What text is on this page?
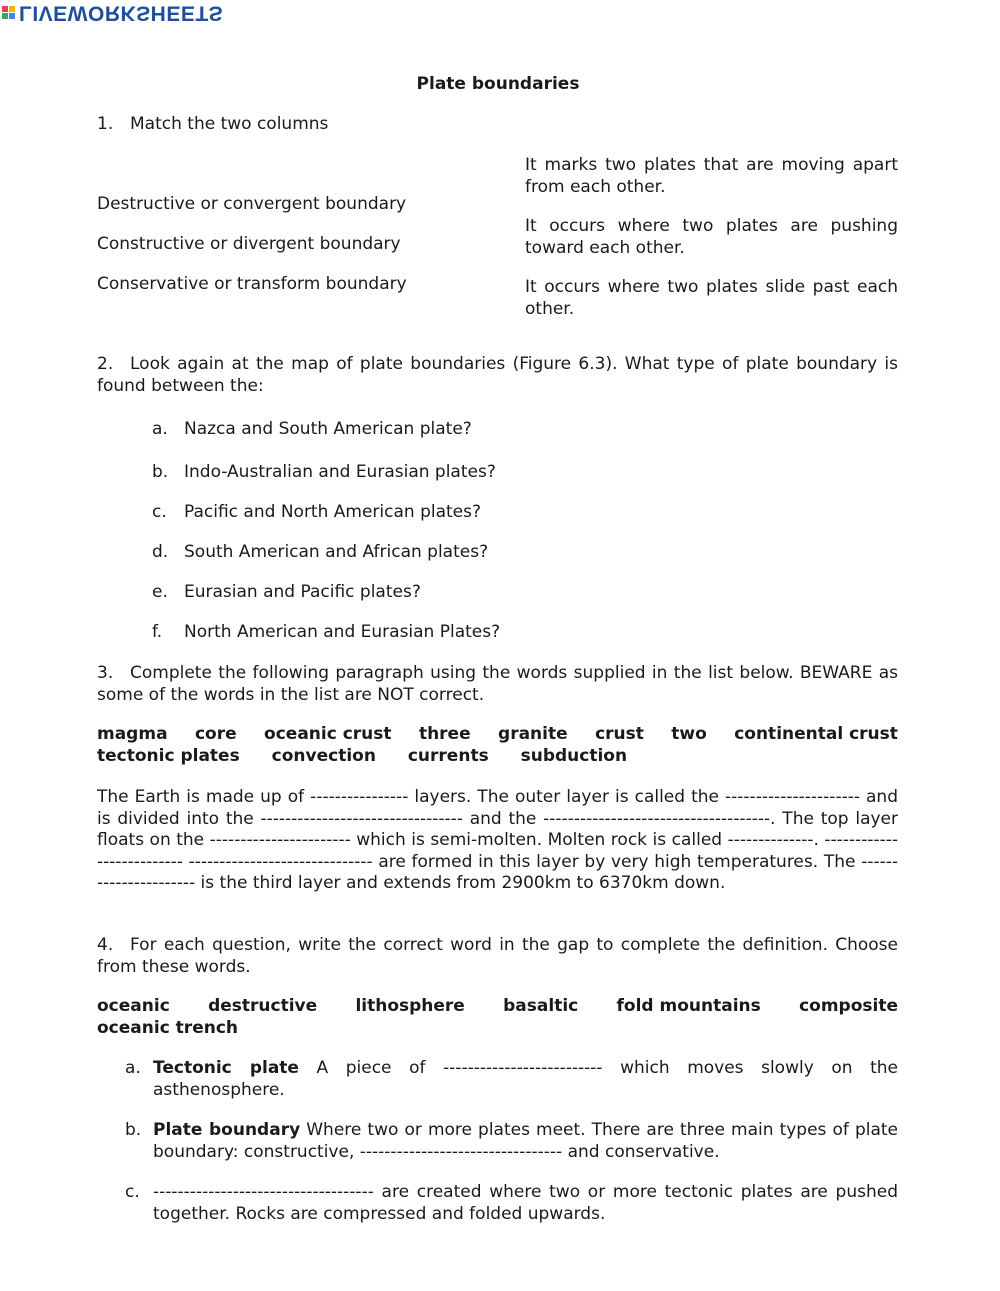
LIVEWORKSHEETS
Plate boundaries
1. Match the two columns
Destructive or convergent boundary
Constructive or divergent boundary
Conservative or transform boundary
It marks two plates that are moving apart from each other.
It occurs where two plates are pushing toward each other.
It occurs where two plates slide past each other.
2. Look again at the map of plate boundaries (Figure 6.3). What type of plate boundary is found between the:
a. Nazca and South American plate?
b. Indo-Australian and Eurasian plates?
c. Pacific and North American plates?
d. South American and African plates?
e. Eurasian and Pacific plates?
f. North American and Eurasian Plates?
3. Complete the following paragraph using the words supplied in the list below. BEWARE as some of the words in the list are NOT correct.
magma core oceanic crust three granite crust two continental crust
tectonic plates convection currents subduction
The Earth is made up of ---------------- layers. The outer layer is called the ---------------------- and is divided into the --------------------------------- and the -------------------------------------. The top layer floats on the ----------------------- which is semi-molten. Molten rock is called --------------. -------------------------- ------------------------------ are formed in this layer by very high temperatures. The ---------------------- is the third layer and extends from 2900km to 6370km down.
4. For each question, write the correct word in the gap to complete the definition. Choose from these words.
oceanic destructive lithosphere basaltic fold mountains composite
oceanic trench
a. Tectonic plate A piece of -------------------------- which moves slowly on the asthenosphere.
b. Plate boundary Where two or more plates meet. There are three main types of plate boundary: constructive, --------------------------------- and conservative.
c. ------------------------------------ are created where two or more tectonic plates are pushed together. Rocks are compressed and folded upwards.
